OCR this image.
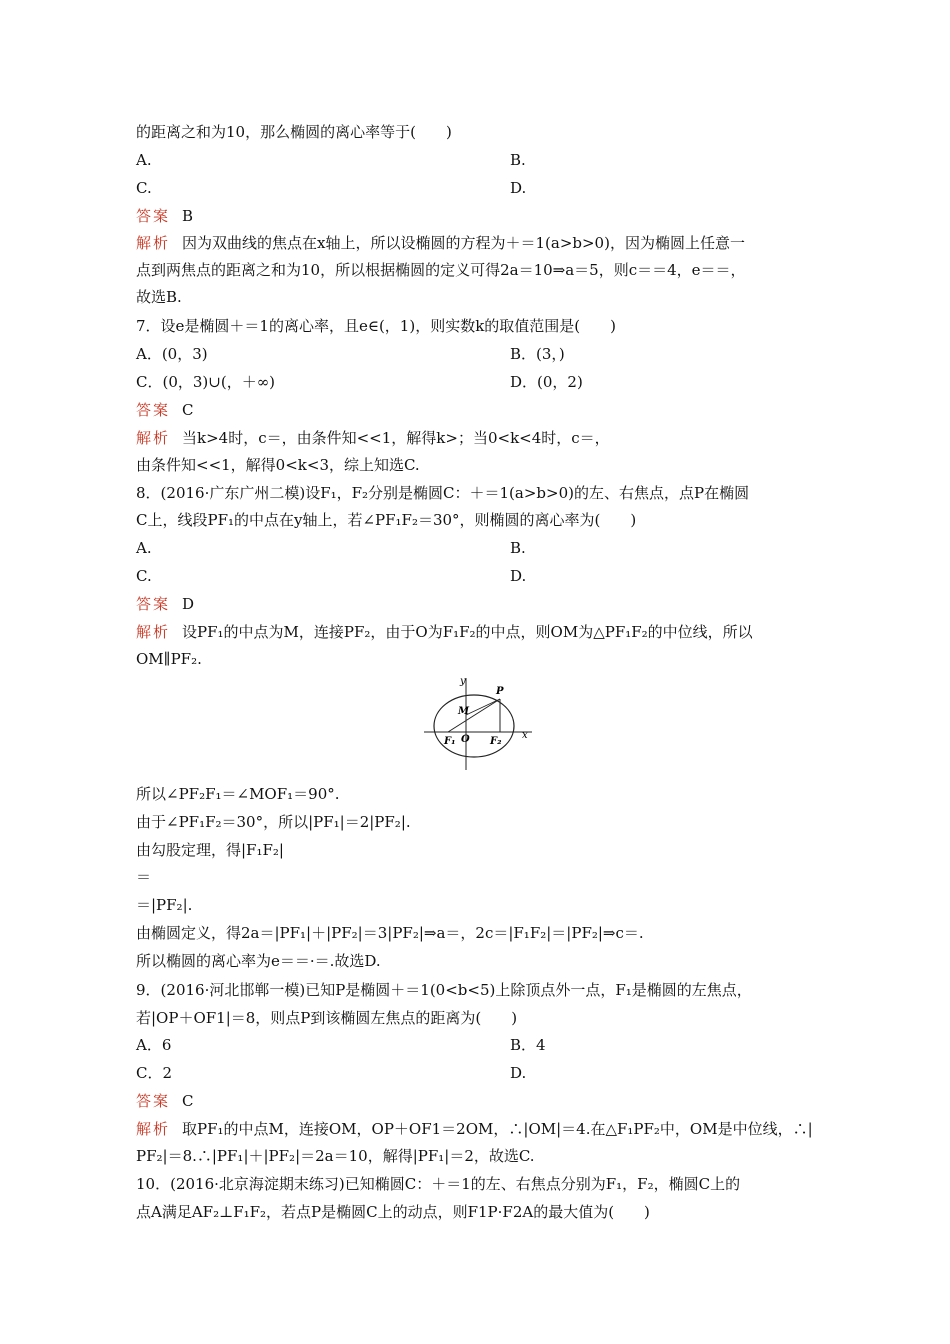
y
x
P
M
F₁ O F₂
的距离之和为10，那么椭圆的离心率等于(　　)
A.	B.
C.	D.
答案 B
解析 因为双曲线的焦点在x轴上，所以设椭圆的方程为＋＝1(a>b>0)，因为椭圆上任意一
点到两焦点的距离之和为10，所以根据椭圆的定义可得2a＝10⇒a＝5，则c＝＝4，e＝＝，
故选B.
7．设e是椭圆＋＝1的离心率，且e∈(，1)，则实数k的取值范围是(　　)
A．(0，3)	B．(3，)
C．(0，3)∪(，＋∞)	D．(0，2)
答案 C
解析 当k>4时，c＝，由条件知<<1，解得k>；当0<k<4时，c＝，
由条件知<<1，解得0<k<3，综上知选C.
8．(2016·广东广州二模)设F₁，F₂分别是椭圆C：＋＝1(a>b>0)的左、右焦点，点P在椭圆
C上，线段PF₁的中点在y轴上，若∠PF₁F₂＝30°，则椭圆的离心率为(　　)
A.	B.
C.	D.
答案 D
解析 设PF₁的中点为M，连接PF₂，由于O为F₁F₂的中点，则OM为△PF₁F₂的中位线，所以
OM∥PF₂.
所以∠PF₂F₁＝∠MOF₁＝90°.
由于∠PF₁F₂＝30°，所以|PF₁|＝2|PF₂|.
由勾股定理，得|F₁F₂|
＝
＝|PF₂|.
由椭圆定义，得2a＝|PF₁|＋|PF₂|＝3|PF₂|⇒a＝，2c＝|F₁F₂|＝|PF₂|⇒c＝.
所以椭圆的离心率为e＝＝·＝.故选D.
9．(2016·河北邯郸一模)已知P是椭圆＋＝1(0<b<5)上除顶点外一点，F₁是椭圆的左焦点，
若|OP＋OF1|＝8，则点P到该椭圆左焦点的距离为(　　)
A．6	B．4
C．2	D.
答案 C
解析 取PF₁的中点M，连接OM，OP＋OF1＝2OM，∴|OM|＝4.在△F₁PF₂中，OM是中位线，∴|
PF₂|＝8.∴|PF₁|＋|PF₂|＝2a＝10，解得|PF₁|＝2，故选C.
10．(2016·北京海淀期末练习)已知椭圆C：＋＝1的左、右焦点分别为F₁，F₂，椭圆C上的
点A满足AF₂⊥F₁F₂，若点P是椭圆C上的动点，则F1P·F2A的最大值为(　　)
